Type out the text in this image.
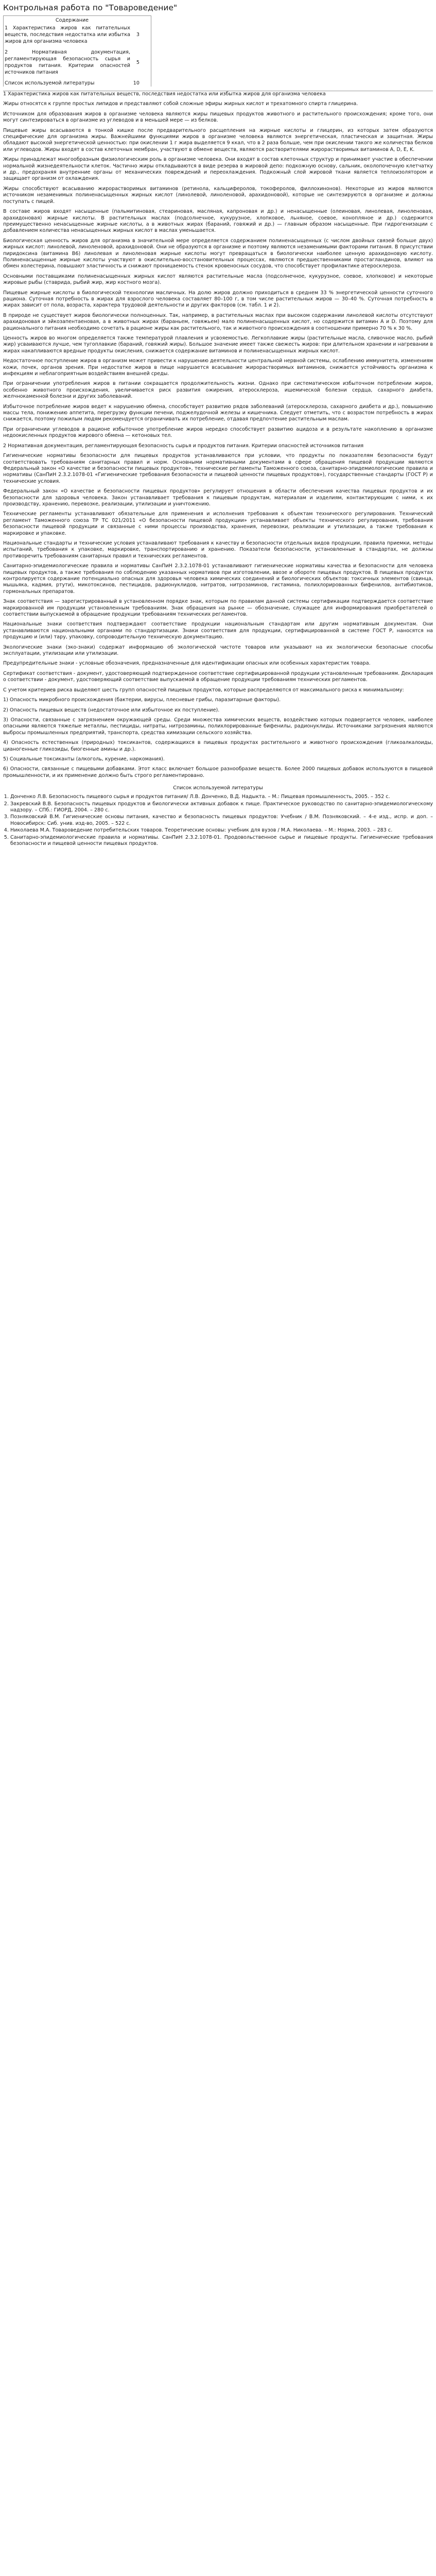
Контрольная работа по "Товароведение"
Содержание
1 Характеристика жиров как питательных веществ, последствия недостатка или избытка жиров для организма человека
3
2 Нормативная документация, регламентирующая безопасность сырья и продуктов питания. Критерии опасностей источников питания
5
Список используемой литературы	10

1 Характеристика жиров как питательных веществ, последствия недостатка или избытка жиров для организма человека

Жиры относятся к группе простых липидов и представляют собой сложные эфиры жирных кислот и трехатомного спирта глицерина.

Источником для образования жиров в организме человека являются жиры пищевых продуктов животного и растительного происхождения; кроме того, они могут синтезироваться в организме из углеводов и в меньшей мере — из белков.

Пищевые жиры всасываются в тонкой кишке после предварительного расщепления на жирные кислоты и глицерин, из которых затем образуются специфические для организма жиры. Важнейшими функциями жиров в организме человека являются энергетическая, пластическая и защитная. Жиры обладают высокой энергетической ценностью: при окислении 1 г жира выделяется 9 ккал, что в 2 раза больше, чем при окислении такого же количества белков или углеводов. Жиры входят в состав клеточных мембран, участвуют в обмене веществ, являются растворителями жирорастворимых витаминов A, D, E, K.

Жиры принадлежат многообразным физиологическим роль в организме человека. Они входят в состав клеточных структур и принимают участие в обеспечении нормальной жизнедеятельности клеток. Частично жиры откладываются в виде резерва в жировой депо: подкожную основу, сальник, околопочечную клетчатку и др., предохраняя внутренние органы от механических повреждений и переохлаждения. Подкожный слой жировой ткани является теплоизолятором и защищает организм от охлаждения.

Жиры способствуют всасыванию жирорастворимых витаминов (ретинола, кальциферолов, токоферолов, филлохинонов). Некоторые из жиров являются источником незаменимых полиненасыщенных жирных кислот (линолевой, линоленовой, арахидоновой), которые не синтезируются в организме и должны поступать с пищей.

В составе жиров входят насыщенные (пальмитиновая, стеариновая, масляная, капроновая и др.) и ненасыщенные (олеиновая, линолевая, линоленовая, арахидоновая) жирные кислоты. В растительных маслах (подсолнечное, кукурузное, хлопковое, льняное, соевое, конопляное и др.) содержится преимущественно ненасыщенные жирные кислоты, а в животных жирах (бараний, говяжий и др.) — главным образом насыщенные. При гидрогенизации с добавлением количества ненасыщенных жирных кислот в маслах уменьшается.

Биологическая ценность жиров для организма в значительной мере определяется содержанием полиненасыщенных (с числом двойных связей больше двух) жирных кислот: линолевой, линоленовой, арахидоновой. Они не образуются в организме и поэтому являются незаменимыми факторами питания. В присутствии пиридоксина (витамина B6) линолевая и линоленовая жирные кислоты могут превращаться в биологически наиболее ценную арахидоновую кислоту. Полиненасыщенные жирные кислоты участвуют в окислительно-восстановительных процессах, являются предшественниками простагландинов, влияют на обмен холестерина, повышают эластичность и снижают проницаемость стенок кровеносных сосудов, что способствует профилактике атеросклероза.

Основными поставщиками полиненасыщенных жирных кислот являются растительные масла (подсолнечное, кукурузное, соевое, хлопковое) и некоторые жировые рыбы (ставрида, рыбий жир, жир костного мозга).

Пищевые жирные кислоты в биологической технологии масличных. На долю жиров должно приходиться в среднем 33 % энергетической ценности суточного рациона. Суточная потребность в жирах для взрослого человека составляет 80–100 г, в том числе растительных жиров — 30–40 %. Суточная потребность в жирах зависит от пола, возраста, характера трудовой деятельности и других факторов (см. табл. 1 и 2).

В природе не существует жиров биологически полноценных. Так, например, в растительных маслах при высоком содержании линолевой кислоты отсутствуют арахидоновая и эйкозапентаеновая, а в животных жирах (бараньем, говяжьем) мало полиненасыщенных кислот, но содержится витамин A и D. Поэтому для рационального питания необходимо сочетать в рационе жиры как растительного, так и животного происхождения в соотношении примерно 70 % к 30 %.

Ценность жиров во многом определяется также температурой плавления и усвояемостью. Легкоплавкие жиры (растительные масла, сливочное масло, рыбий жир) усваиваются лучше, чем тугоплавкие (бараний, говяжий жиры). Большое значение имеет также свежесть жиров: при длительном хранении и нагревании в жирах накапливаются вредные продукты окисления, снижается содержание витаминов и полиненасыщенных жирных кислот.

Недостаточное поступление жиров в организм может привести к нарушению деятельности центральной нервной системы, ослаблению иммунитета, изменениям кожи, почек, органов зрения. При недостатке жиров в пище нарушается всасывание жирорастворимых витаминов, снижается устойчивость организма к инфекциям и неблагоприятным воздействиям внешней среды.

При ограничении употребления жиров в питании сокращается продолжительность жизни. Однако при систематическом избыточном потреблении жиров, особенно животного происхождения, увеличивается риск развития ожирения, атеросклероза, ишемической болезни сердца, сахарного диабета, желчнокаменной болезни и других заболеваний.

Избыточное потребление жиров ведет к нарушению обмена, способствует развитию рядов заболеваний (атеросклероза, сахарного диабета и др.), повышению массы тела, понижению аппетита, перегрузку функции печени, поджелудочной железы и кишечника. Следует отметить, что с возрастом потребность в жирах снижается, поэтому пожилым людям рекомендуется ограничивать их потребление, отдавая предпочтение растительным маслам.

При ограничении углеводов в рационе избыточное употребление жиров нередко способствует развитию ацидоза и в результате накоплению в организме недоокисленных продуктов жирового обмена — кетоновых тел.

2 Нормативная документация, регламентирующая безопасность сырья и продуктов питания. Критерии опасностей источников питания

Гигиенические нормативы безопасности для пищевых продуктов устанавливаются при условии, что продукты по показателям безопасности будут соответствовать требованиям санитарных правил и норм. Основными нормативными документами в сфере обращения пищевой продукции являются Федеральный закон «О качестве и безопасности пищевых продуктов», технические регламенты Таможенного союза, санитарно-эпидемиологические правила и нормативы (СанПиН 2.3.2.1078-01 «Гигиенические требования безопасности и пищевой ценности пищевых продуктов»), государственные стандарты (ГОСТ Р) и технические условия.

Федеральный закон «О качестве и безопасности пищевых продуктов» регулирует отношения в области обеспечения качества пищевых продуктов и их безопасности для здоровья человека. Закон устанавливает требования к пищевым продуктам, материалам и изделиям, контактирующим с ними, к их производству, хранению, перевозке, реализации, утилизации и уничтожению.

Технические регламенты устанавливают обязательные для применения и исполнения требования к объектам технического регулирования. Технический регламент Таможенного союза ТР ТС 021/2011 «О безопасности пищевой продукции» устанавливает объекты технического регулирования, требования безопасности пищевой продукции и связанные с ними процессы производства, хранения, перевозки, реализации и утилизации, а также требования к маркировке и упаковке.

Национальные стандарты и технические условия устанавливают требования к качеству и безопасности отдельных видов продукции, правила приемки, методы испытаний, требования к упаковке, маркировке, транспортированию и хранению. Показатели безопасности, установленные в стандартах, не должны противоречить требованиям санитарных правил и технических регламентов.

Санитарно-эпидемиологические правила и нормативы СанПиН 2.3.2.1078-01 устанавливают гигиенические нормативы качества и безопасности для человека пищевых продуктов, а также требования по соблюдению указанных нормативов при изготовлении, ввозе и обороте пищевых продуктов. В пищевых продуктах контролируется содержание потенциально опасных для здоровья человека химических соединений и биологических объектов: токсичных элементов (свинца, мышьяка, кадмия, ртути), микотоксинов, пестицидов, радионуклидов, нитратов, нитрозаминов, гистамина, полихлорированных бифенилов, антибиотиков, гормональных препаратов.

Знак соответствия — зарегистрированный в установленном порядке знак, которым по правилам данной системы сертификации подтверждается соответствие маркированной им продукции установленным требованиям. Знак обращения на рынке — обозначение, служащее для информирования приобретателей о соответствии выпускаемой в обращение продукции требованиям технических регламентов.

Национальные знаки соответствия подтверждают соответствие продукции национальным стандартам или другим нормативным документам. Они устанавливаются национальными органами по стандартизации. Знаки соответствия для продукции, сертифицированной в системе ГОСТ Р, наносятся на продукцию и (или) тару, упаковку, сопроводительную техническую документацию.

Экологические знаки (эко-знаки) содержат информацию об экологической чистоте товаров или указывают на их экологически безопасные способы эксплуатации, утилизации или утилизации.

Предупредительные знаки - условные обозначения, предназначенные для идентификации опасных или особенных характеристик товара.

Сертификат соответствия - документ, удостоверяющий подтвержденное соответствие сертифицированной продукции установленным требованиям. Декларация о соответствии - документ, удостоверяющий соответствие выпускаемой в обращение продукции требованиям технических регламентов.

С учетом критериев риска выделяют шесть групп опасностей пищевых продуктов, которые распределяются от максимального риска к минимальному:

1) Опасность микробного происхождения (бактерии, вирусы, плесневые грибы, паразитарные факторы).

2) Опасность пищевых веществ (недостаточное или избыточное их поступление).

3) Опасности, связанные с загрязнением окружающей среды. Среди множества химических веществ, воздействию которых подвергается человек, наиболее опасными являются тяжелые металлы, пестициды, нитраты, нитрозамины, полихлорированные бифенилы, радионуклиды. Источниками загрязнения являются выбросы промышленных предприятий, транспорта, средства химизации сельского хозяйства.

4) Опасность естественных (природных) токсикантов, содержащихся в пищевых продуктах растительного и животного происхождения (гликоалкалоиды, цианогенные гликозиды, биогенные амины и др.).

5) Социальные токсиканты (алкоголь, курение, наркомания).

6) Опасности, связанные с пищевыми добавками. Этот класс включает большое разнообразие веществ. Более 2000 пищевых добавок используются в пищевой промышленности, и их применение должно быть строго регламентировано.

Список используемой литературы
1. Донченко Л.В. Безопасность пищевого сырья и продуктов питания/ Л.В. Донченко, В.Д. Надыкта. – М.: Пищевая промышленность, 2005. – 352 с.
2. Закревский В.В. Безопасность пищевых продуктов и биологически активных добавок к пище. Практическое руководство по санитарно-эпидемиологическому надзору. – СПб.: ГИОРД, 2004. – 280 с.
3. Позняковский В.М. Гигиенические основы питания, качество и безопасность пищевых продуктов: Учебник / В.М. Позняковский. – 4-е изд., испр. и доп. – Новосибирск: Сиб. унив. изд-во, 2005. – 522 с.
4. Николаева М.А. Товароведение потребительских товаров. Теоретические основы: учебник для вузов / М.А. Николаева. – М.: Норма, 2003. – 283 с.
5. Санитарно-эпидемиологические правила и нормативы. СанПиН 2.3.2.1078-01. Продовольственное сырье и пищевые продукты. Гигиенические требования безопасности и пищевой ценности пищевых продуктов.
